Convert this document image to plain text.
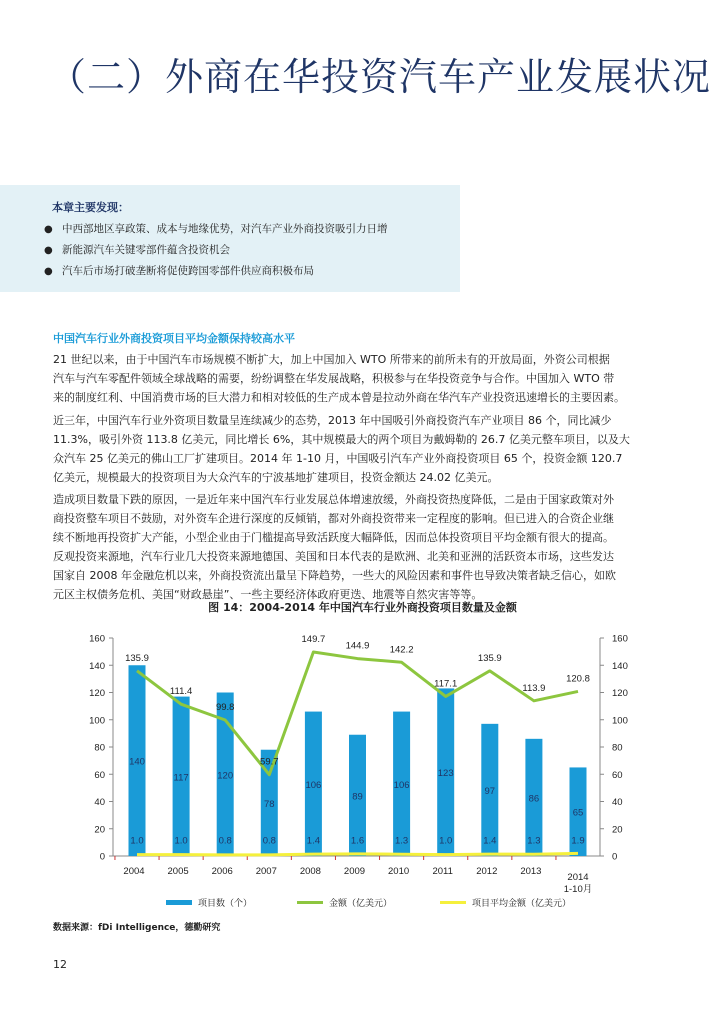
（二）外商在华投资汽车产业发展状况
本章主要发现：
● 中西部地区享政策、成本与地缘优势，对汽车产业外商投资吸引力日增
● 新能源汽车关键零部件蕴含投资机会
● 汽车后市场打破垄断将促使跨国零部件供应商积极布局
中国汽车行业外商投资项目平均金额保持较高水平
21 世纪以来，由于中国汽车市场规模不断扩大，加上中国加入 WTO 所带来的前所未有的开放局面，外资公司根据
汽车与汽车零配件领域全球战略的需要，纷纷调整在华发展战略，积极参与在华投资竞争与合作。中国加入 WTO 带
来的制度红利、中国消费市场的巨大潜力和相对较低的生产成本曾是拉动外商在华汽车产业投资迅速增长的主要因素。
近三年，中国汽车行业外资项目数量呈连续减少的态势，2013 年中国吸引外商投资汽车产业项目 86 个，同比减少
11.3%，吸引外资 113.8 亿美元，同比增长 6%，其中规模最大的两个项目为戴姆勒的 26.7 亿美元整车项目，以及大
众汽车 25 亿美元的佛山工厂扩建项目。2014 年 1-10 月，中国吸引汽车产业外商投资项目 65 个，投资金额 120.7
亿美元，规模最大的投资项目为大众汽车的宁波基地扩建项目，投资金额达 24.02 亿美元。
造成项目数量下跌的原因，一是近年来中国汽车行业发展总体增速放缓，外商投资热度降低，二是由于国家政策对外
商投资整车项目不鼓励，对外资车企进行深度的反倾销，都对外商投资带来一定程度的影响。但已进入的合资企业继
续不断地再投资扩大产能，小型企业由于门槛提高导致活跃度大幅降低，因而总体投资项目平均金额有很大的提高。
反观投资来源地，汽车行业几大投资来源地德国、美国和日本代表的是欧洲、北美和亚洲的活跃资本市场，这些发达
国家自 2008 年金融危机以来，外商投资流出量呈下降趋势，一些大的风险因素和事件也导致决策者缺乏信心，如欧
元区主权债务危机、美国“财政悬崖”、一些主要经济体政府更迭、地震等自然灾害等等。
图 14：2004-2014 年中国汽车行业外商投资项目数量及金额
0	0
20	20
40	40
60	60
80	80
100	100
120	120
140	140
160	160
140
1.0
117
1.0
120
0.8
78
0.8
106
1.4
89
1.6
106
1.3
123
1.0
97
1.4
86
1.3
65
1.9
135.9
111.4
99.8
59.7
149.7
144.9 142.2
117.1
135.9
113.9
120.8
2004 2005 2006 2007 2008 2009 2010 2011 2012 2013
2014
1-10月
项目数（个）	金额（亿美元）	项目平均金额（亿美元）
数据来源：fDi Intelligence，德勤研究
12
